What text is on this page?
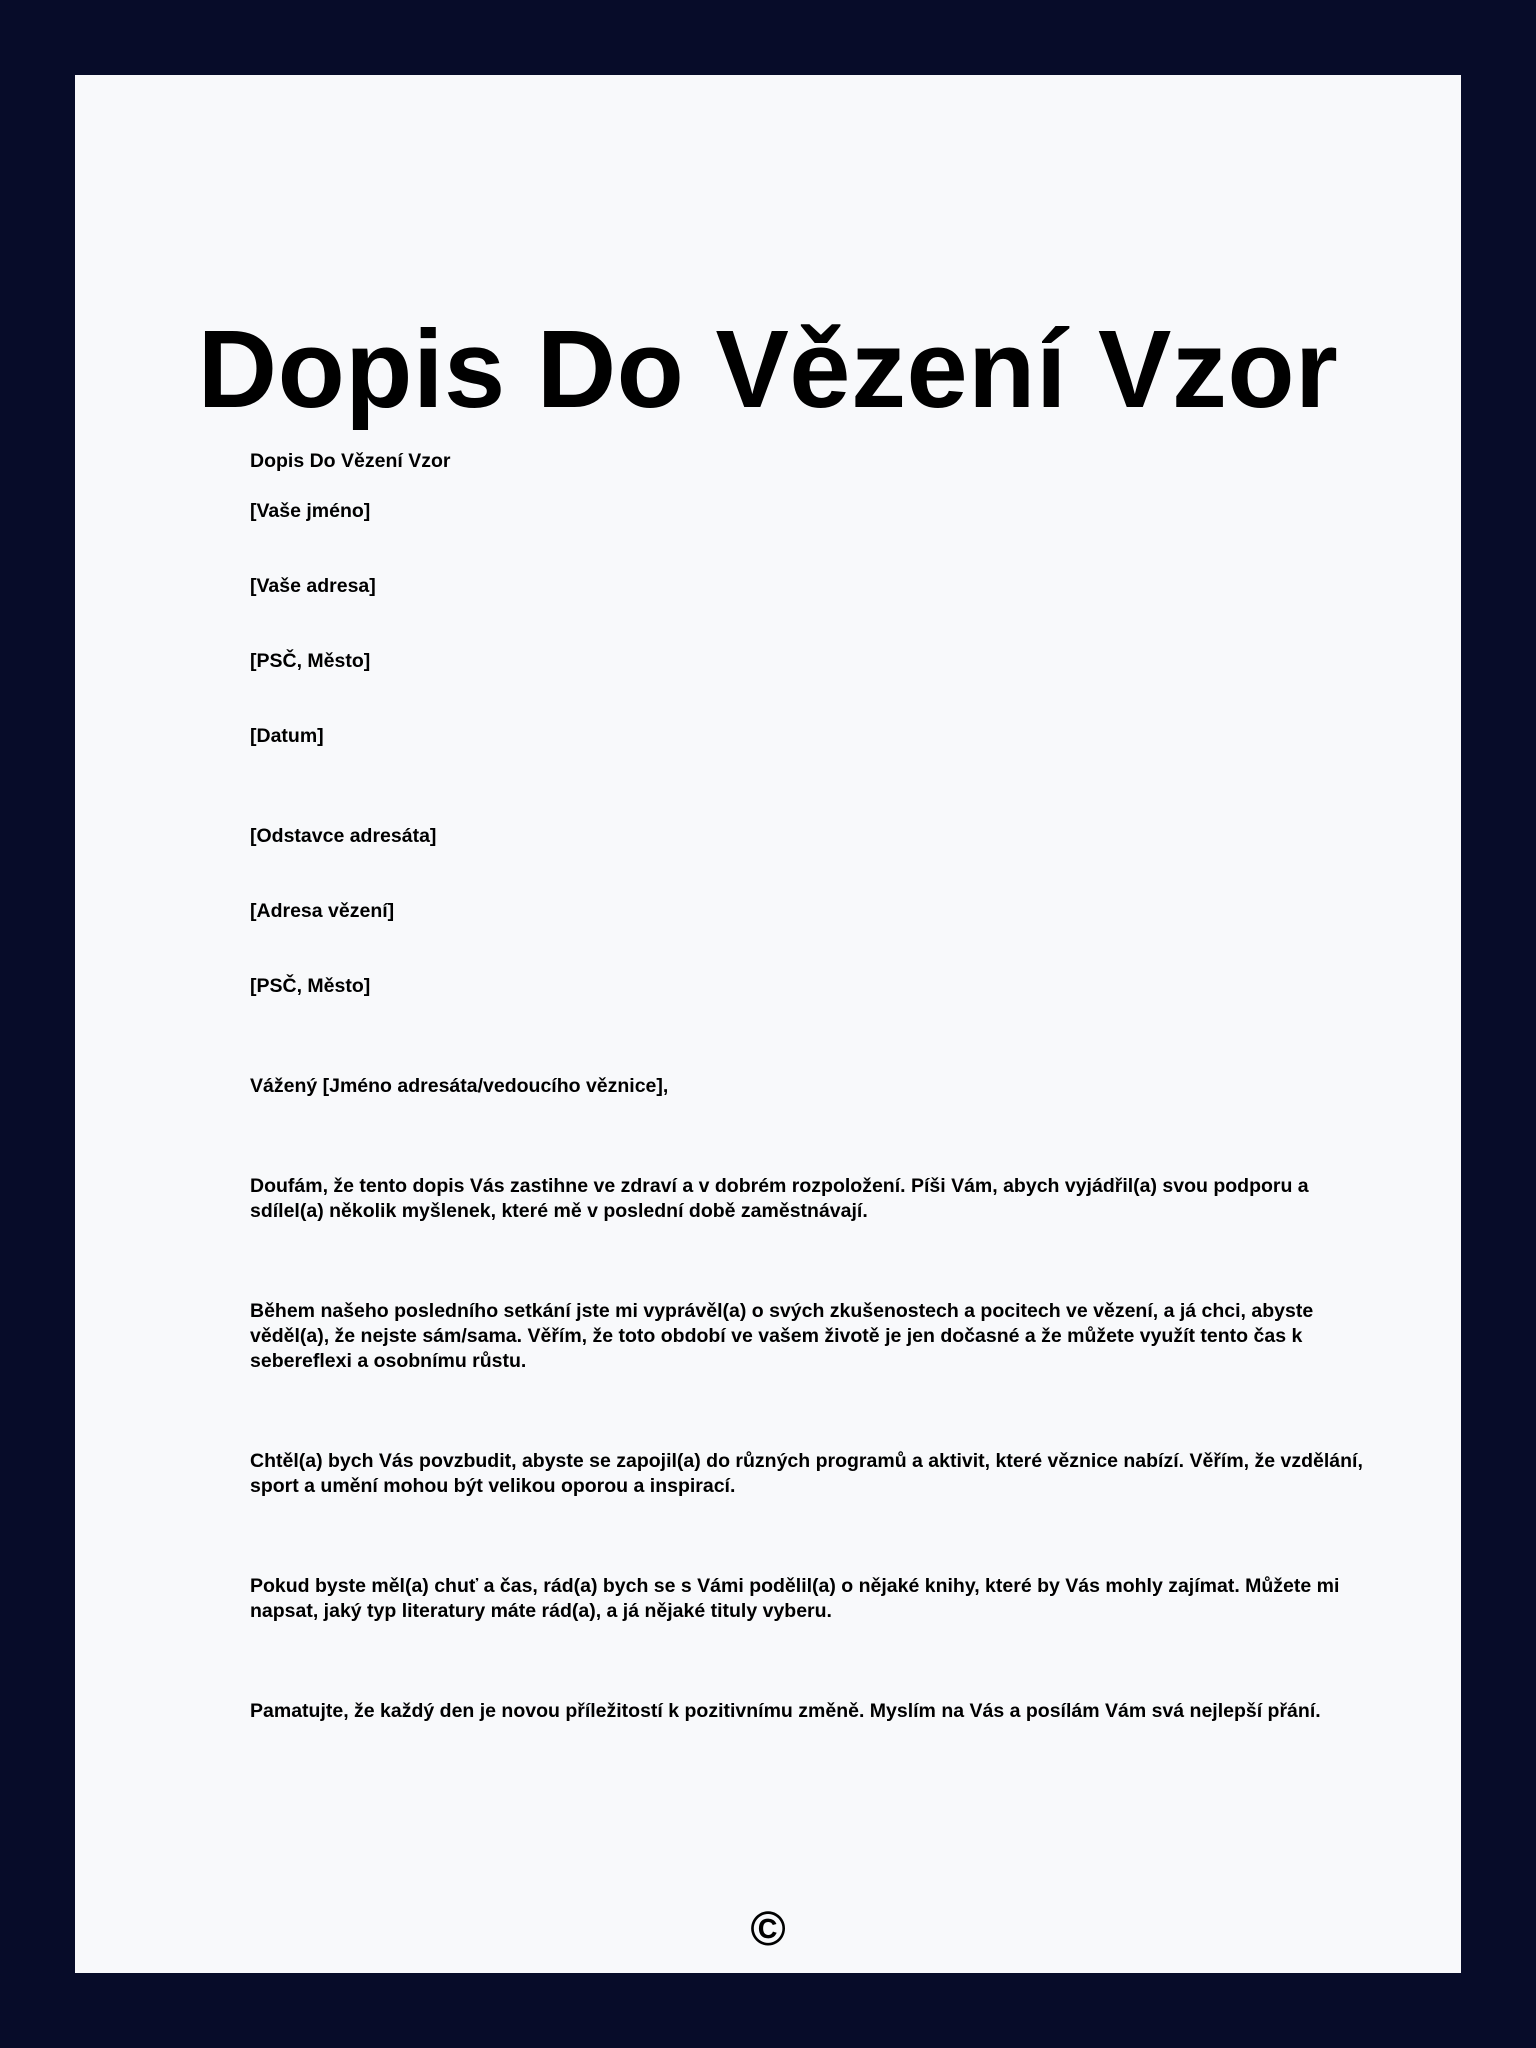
Dopis Do Vězení Vzor
Dopis Do Vězení Vzor
[Vaše jméno]
[Vaše adresa]
[PSČ, Město]
[Datum]
[Odstavce adresáta]
[Adresa vězení]
[PSČ, Město]
Vážený [Jméno adresáta/vedoucího věznice],

Doufám, že tento dopis Vás zastihne ve zdraví a v dobrém rozpoložení. Píši Vám, abych vyjádřil(a) svou podporu a sdílel(a) několik myšlenek, které mě v poslední době zaměstnávají.

Během našeho posledního setkání jste mi vyprávěl(a) o svých zkušenostech a pocitech ve vězení, a já chci, abyste věděl(a), že nejste sám/sama. Věřím, že toto období ve vašem životě je jen dočasné a že můžete využít tento čas k sebereflexi a osobnímu růstu.

Chtěl(a) bych Vás povzbudit, abyste se zapojil(a) do různých programů a aktivit, které věznice nabízí. Věřím, že vzdělání, sport a umění mohou být velikou oporou a inspirací.

Pokud byste měl(a) chuť a čas, rád(a) bych se s Vámi podělil(a) o nějaké knihy, které by Vás mohly zajímat. Můžete mi napsat, jaký typ literatury máte rád(a), a já nějaké tituly vyberu.

Pamatujte, že každý den je novou příležitostí k pozitivnímu změně. Myslím na Vás a posílám Vám svá nejlepší přání.

©
